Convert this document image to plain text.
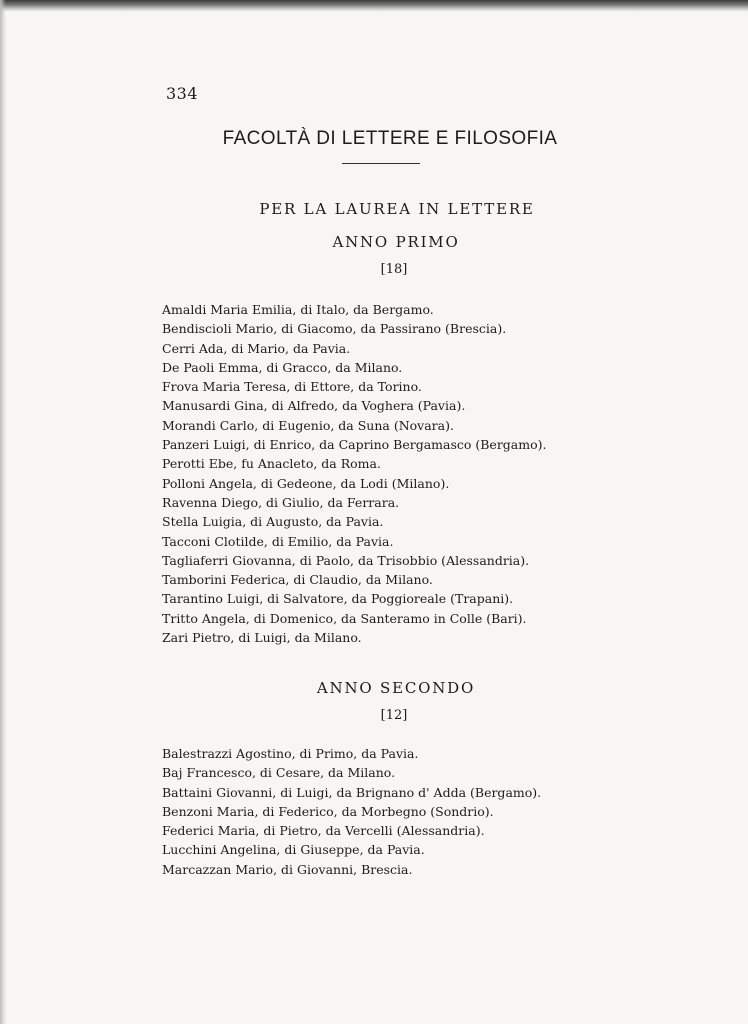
334
FACOLTÀ DI LETTERE E FILOSOFIA
PER LA LAUREA IN LETTERE
ANNO PRIMO
[18]
Amaldi Maria Emilia, di Italo, da Bergamo.
Bendiscioli Mario, di Giacomo, da Passirano (Brescia).
Cerri Ada, di Mario, da Pavia.
De Paoli Emma, di Gracco, da Milano.
Frova Maria Teresa, di Ettore, da Torino.
Manusardi Gina, di Alfredo, da Voghera (Pavia).
Morandi Carlo, di Eugenio, da Suna (Novara).
Panzeri Luigi, di Enrico, da Caprino Bergamasco (Bergamo).
Perotti Ebe, fu Anacleto, da Roma.
Polloni Angela, di Gedeone, da Lodi (Milano).
Ravenna Diego, di Giulio, da Ferrara.
Stella Luigia, di Augusto, da Pavia.
Tacconi Clotilde, di Emilio, da Pavia.
Tagliaferri Giovanna, di Paolo, da Trisobbio (Alessandria).
Tamborini Federica, di Claudio, da Milano.
Tarantino Luigi, di Salvatore, da Poggioreale (Trapani).
Tritto Angela, di Domenico, da Santeramo in Colle (Bari).
Zari Pietro, di Luigi, da Milano.
ANNO SECONDO
[12]
Balestrazzi Agostino, di Primo, da Pavia.
Baj Francesco, di Cesare, da Milano.
Battaini Giovanni, di Luigi, da Brignano d' Adda (Bergamo).
Benzoni Maria, di Federico, da Morbegno (Sondrio).
Federici Maria, di Pietro, da Vercelli (Alessandria).
Lucchini Angelina, di Giuseppe, da Pavia.
Marcazzan Mario, di Giovanni, Brescia.
